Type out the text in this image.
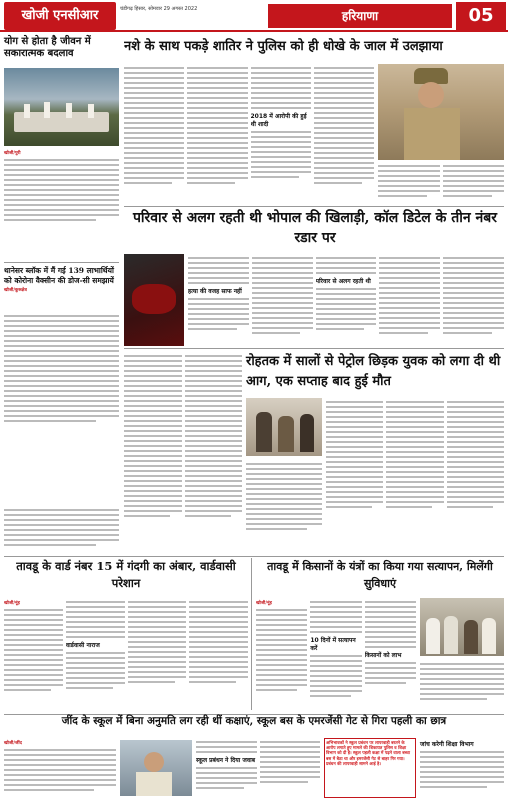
खोजी एनसीआर	चंडीगढ़ हिसार, सोमवार 29 अगस्त 2022	हरियाणा	05
योग से होता है जीवन में सकारात्मक बदलाव
खोजी/पुरी
थानेसर ब्लॉक में मैं गई 139 लाभार्थियों को कोरोना वैक्सीन की डोज-सी समझायें
खोजी/कुरुक्षेत्र
नशे के साथ पकड़े शातिर ने पुलिस को ही धोखे के जाल में उलझाया
2018 में आरोपी की हुई थी शादी
परिवार से अलग रहती थी भोपाल की खिलाड़ी, कॉल डिटेल के तीन नंबर रडार पर
हत्या की वजह साफ नहीं
परिवार से अलग रहती थी
रोहतक में सालों से पेट्रोल छिड़क युवक को लगा दी थी आग, एक सप्ताह बाद हुई मौत
तावडू के वार्ड नंबर 15 में गंदगी का अंबार, वार्डवासी परेशान
खोजी/नूंह
वार्डवासी नाराज
तावडू में किसानों के यंत्रों का किया गया सत्यापन, मिलेंगी सुविधाएं
खोजी/नूंह
10 दिनों में सत्यापन करें
किसानों को लाभ
जींद के स्कूल में बिना अनुमति लग रही थीं कक्षाएं, स्कूल बस के एमरजेंसी गेट से गिरा पहली का छात्र
खोजी/जींद
स्कूल प्रबंधन ने दिया जवाब
अभिभावकों ने स्कूल प्रबंधन पर लापरवाही बरतने के आरोप लगाते हुए मामले की शिकायत पुलिस व शिक्षा विभाग को दी है। स्कूल पहली कक्षा में पढ़ने वाला बच्चा बस में बैठा था और इमरजेंसी गेट से बाहर गिर गया। प्रबंधन की लापरवाही सामने आई है।
जांच करेगी शिक्षा विभाग
